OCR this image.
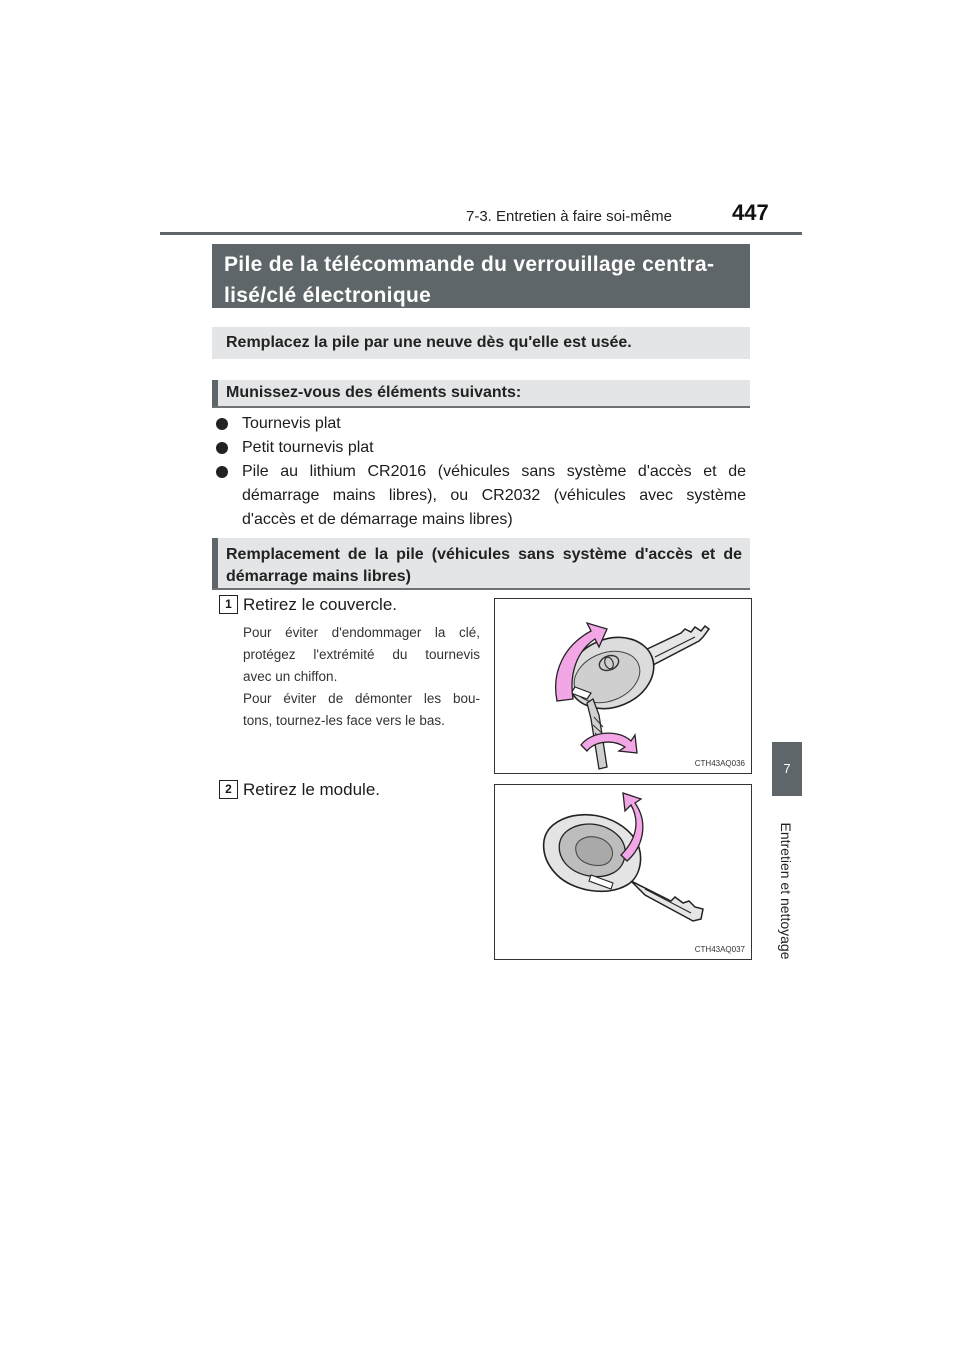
7-3. Entretien à faire soi-même	447
7
Entretien et nettoyage
Pile de la télécommande du verrouillage centra-
lisé/clé électronique
Remplacez la pile par une neuve dès qu'elle est usée.
Munissez-vous des éléments suivants:
Tournevis plat
Petit tournevis plat
Pile au lithium CR2016 (véhicules sans système d'accès et de
démarrage mains libres), ou CR2032 (véhicules avec système
d'accès et de démarrage mains libres)
Remplacement de la pile (véhicules sans système d'accès et de
démarrage mains libres)
1 Retirez le couvercle.
Pour éviter d'endommager la clé,
protégez l'extrémité du tournevis
avec un chiffon.
Pour éviter de démonter les bou-
tons, tournez-les face vers le bas.
CTH43AQ036
2 Retirez le module.
CTH43AQ037
